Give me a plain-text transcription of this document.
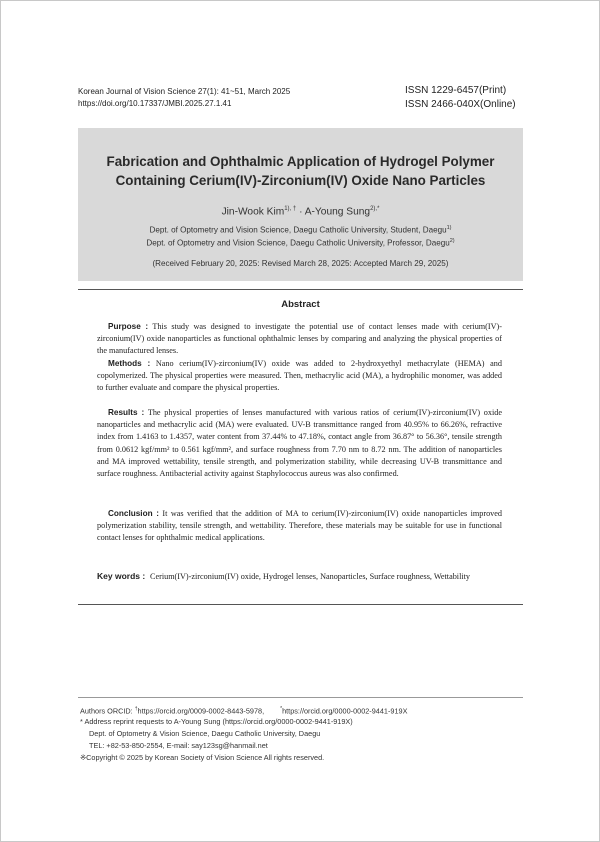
Korean Journal of Vision Science 27(1): 41~51, March 2025
https://doi.org/10.17337/JMBI.2025.27.1.41
ISSN 1229-6457(Print)
ISSN 2466-040X(Online)
Fabrication and Ophthalmic Application of Hydrogel Polymer
Containing Cerium(IV)-Zirconium(IV) Oxide Nano Particles
Jin-Wook Kim$^{1), \dagger}$ · A-Young Sung$^{2),*}$
Dept. of Optometry and Vision Science, Daegu Catholic University, Student, Daegu$^{1)}$
Dept. of Optometry and Vision Science, Daegu Catholic University, Professor, Daegu$^{2)}$
(Received February 20, 2025: Revised March 28, 2025: Accepted March 29, 2025)
Abstract
Purpose : This study was designed to investigate the potential use of contact lenses made with cerium(IV)-zirconium(IV) oxide nanoparticles as functional ophthalmic lenses by comparing and analyzing the physical properties of the manufactured lenses.
Methods : Nano cerium(IV)-zirconium(IV) oxide was added to 2-hydroxyethyl methacrylate (HEMA) and copolymerized. The physical properties were measured. Then, methacrylic acid (MA), a hydrophilic monomer, was added to further evaluate and compare the physical properties.
Results : The physical properties of lenses manufactured with various ratios of cerium(IV)-zirconium(IV) oxide nanoparticles and methacrylic acid (MA) were evaluated. UV-B transmittance ranged from 40.95% to 66.26%, refractive index from 1.4163 to 1.4357, water content from 37.44% to 47.18%, contact angle from 36.87° to 56.36°, tensile strength from 0.0612 kgf/mm² to 0.561 kgf/mm², and surface roughness from 7.70 nm to 8.72 nm. The addition of nanoparticles and MA improved wettability, tensile strength, and polymerization stability, while decreasing UV-B transmittance and surface roughness. Antibacterial activity against Staphylococcus aureus was also confirmed.
Conclusion : It was verified that the addition of MA to cerium(IV)-zirconium(IV) oxide nanoparticles improved polymerization stability, tensile strength, and wettability. Therefore, these materials may be suitable for use in functional contact lenses for ophthalmic medical applications.
Key words : Cerium(IV)-zirconium(IV) oxide, Hydrogel lenses, Nanoparticles, Surface roughness, Wettability
Authors ORCID: †https://orcid.org/0009-0002-8443-5978,	*https://orcid.org/0000-0002-9441-919X
* Address reprint requests to A-Young Sung (https://orcid.org/0000-0002-9441-919X)
Dept. of Optometry & Vision Science, Daegu Catholic University, Daegu
TEL: +82-53-850-2554, E-mail: say123sg@hanmail.net
※Copyright © 2025 by Korean Society of Vision Science All rights reserved.
